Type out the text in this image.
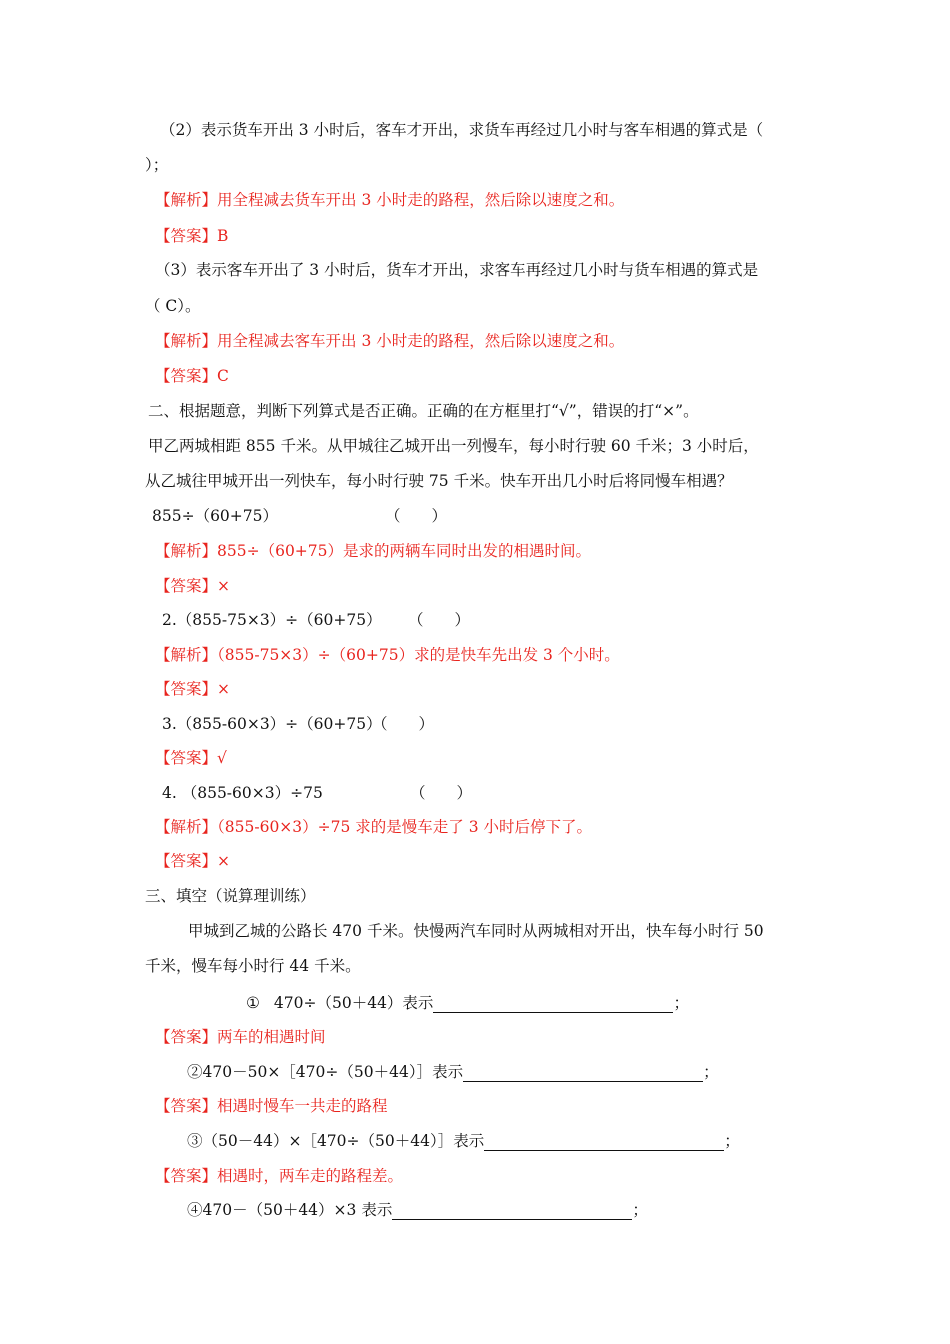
（2）表示货车开出 3 小时后，客车才开出，求货车再经过几小时与客车相遇的算式是（
）；
【解析】用全程减去货车开出 3 小时走的路程，然后除以速度之和。
【答案】B
（3）表示客车开出了 3 小时后，货车才开出，求客车再经过几小时与货车相遇的算式是
（ C）。
【解析】用全程减去客车开出 3 小时走的路程，然后除以速度之和。
【答案】C
二、根据题意，判断下列算式是否正确。正确的在方框里打“√”，错误的打“×”。
甲乙两城相距 855 千米。从甲城往乙城开出一列慢车，每小时行驶 60 千米；3 小时后，
从乙城往甲城开出一列快车，每小时行驶 75 千米。快车开出几小时后将同慢车相遇？
855÷（60+75）	（　　）
【解析】855÷（60+75）是求的两辆车同时出发的相遇时间。
【答案】×
2.（855-75×3）÷（60+75） （　　）
【解析】（855-75×3）÷（60+75）求的是快车先出发 3 个小时。
【答案】×
3.（855-60×3）÷（60+75）
（　　）
【答案】√
4. （855-60×3）÷75	（　　）
【解析】（855-60×3）÷75 求的是慢车走了 3 小时后停下了。
【答案】×
三、填空（说算理训练）
甲城到乙城的公路长 470 千米。快慢两汽车同时从两城相对开出，快车每小时行 50
千米，慢车每小时行 44 千米。
① 470÷（50＋44）表示	；
【答案】两车的相遇时间
②470－50×［470÷（50＋44）］表示	；
【答案】相遇时慢车一共走的路程
③（50－44）×［470÷（50＋44）］表示	；
【答案】相遇时，两车走的路程差。
④470－（50＋44）×3 表示	；
